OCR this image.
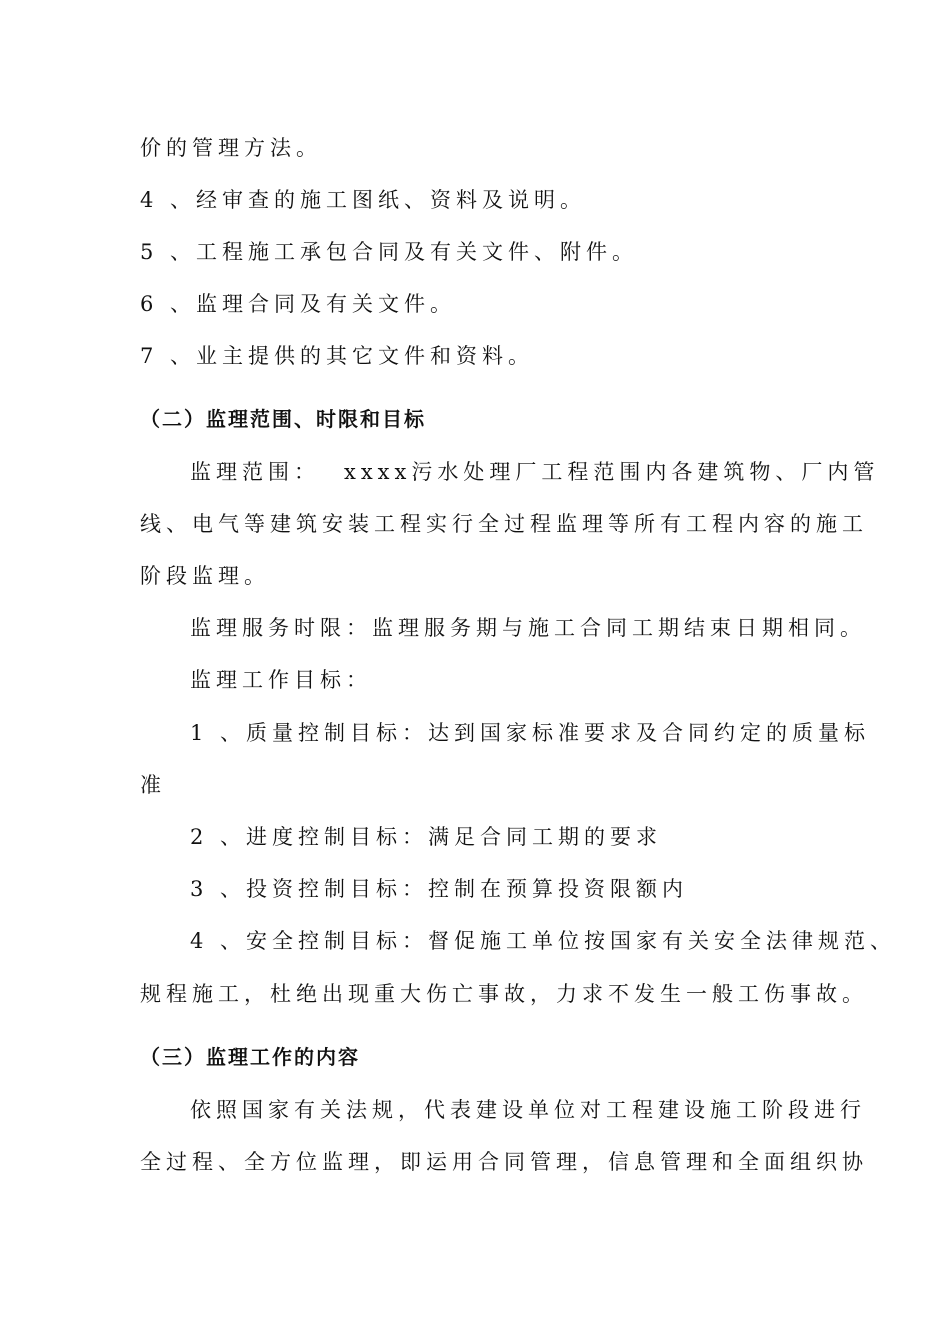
价的管理方法。
4 、经审查的施工图纸、资料及说明。
5 、工程施工承包合同及有关文件、附件。
6 、监理合同及有关文件。
7 、业主提供的其它文件和资料。
（二）监理范围、时限和目标
监理范围： xxxx污水处理厂工程范围内各建筑物、厂内管
线、电气等建筑安装工程实行全过程监理等所有工程内容的施工
阶段监理。
监理服务时限：监理服务期与施工合同工期结束日期相同。
监理工作目标：
1 、质量控制目标：达到国家标准要求及合同约定的质量标
准
2 、进度控制目标：满足合同工期的要求
3 、投资控制目标：控制在预算投资限额内
4 、安全控制目标：督促施工单位按国家有关安全法律规范、
规程施工，杜绝出现重大伤亡事故，力求不发生一般工伤事故。
（三）监理工作的内容
依照国家有关法规，代表建设单位对工程建设施工阶段进行
全过程、全方位监理，即运用合同管理，信息管理和全面组织协
